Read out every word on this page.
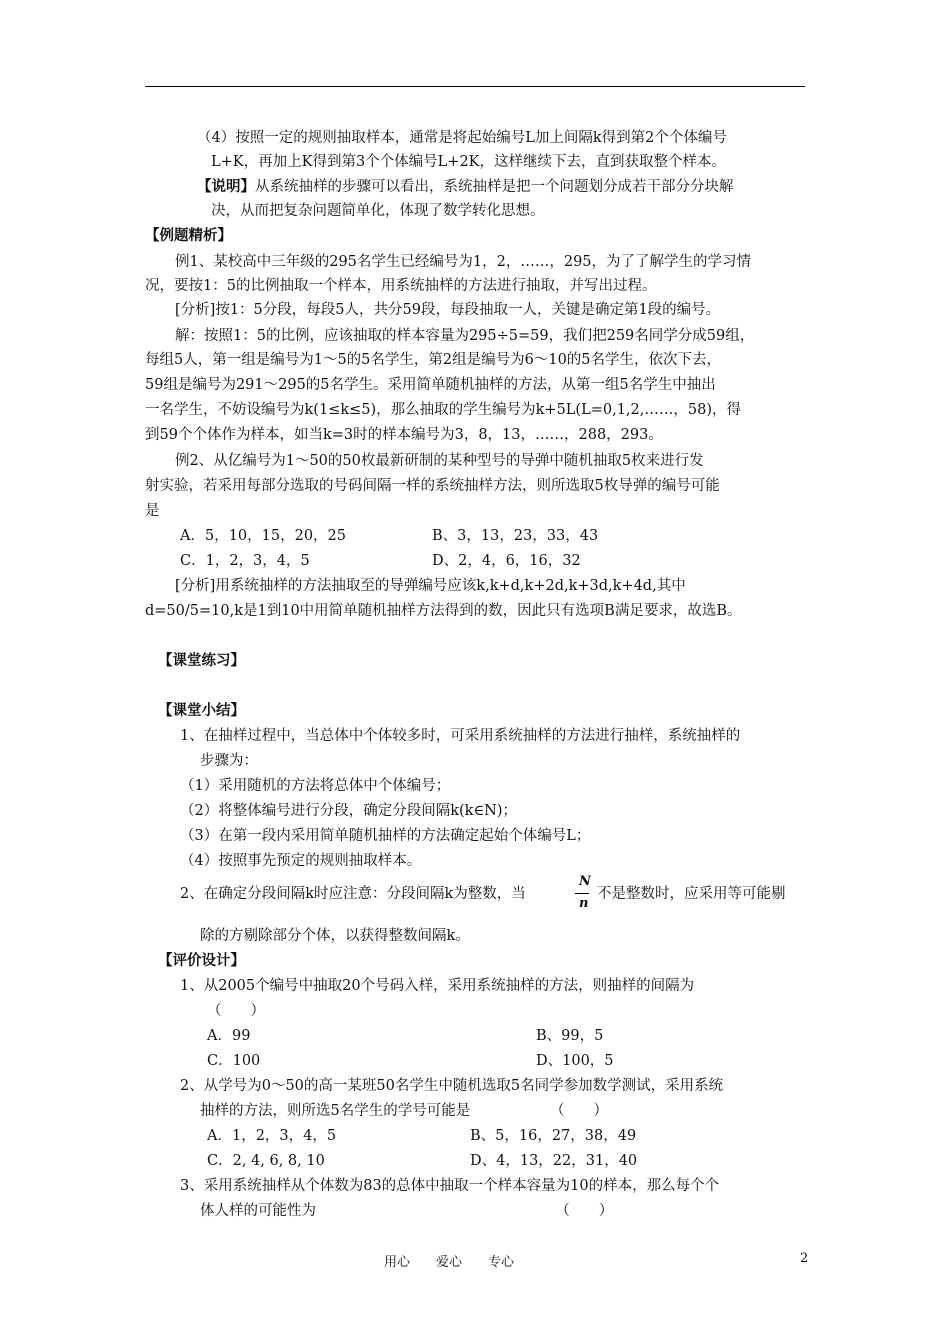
（4）按照一定的规则抽取样本，通常是将起始编号L加上间隔k得到第2个个体编号
L+K，再加上K得到第3个个体编号L+2K，这样继续下去，直到获取整个样本。
【说明】从系统抽样的步骤可以看出，系统抽样是把一个问题划分成若干部分分块解
决，从而把复杂问题简单化，体现了数学转化思想。
【例题精析】
例1、某校高中三年级的295名学生已经编号为1，2，……，295，为了了解学生的学习情
况，要按1：5的比例抽取一个样本，用系统抽样的方法进行抽取，并写出过程。
[分析]按1：5分段，每段5人，共分59段，每段抽取一人，关键是确定第1段的编号。
解：按照1：5的比例，应该抽取的样本容量为295÷5=59，我们把259名同学分成59组，
每组5人，第一组是编号为1～5的5名学生，第2组是编号为6～10的5名学生，依次下去，
59组是编号为291～295的5名学生。采用简单随机抽样的方法，从第一组5名学生中抽出
一名学生，不妨设编号为k(1≤k≤5)，那么抽取的学生编号为k+5L(L=0,1,2,……，58)，得
到59个个体作为样本，如当k=3时的样本编号为3，8，13，……，288，293。
例2、从亿编号为1～50的50枚最新研制的某种型号的导弹中随机抽取5枚来进行发
射实验，若采用每部分选取的号码间隔一样的系统抽样方法，则所选取5枚导弹的编号可能
是
A．5，10，15，20，25	B、3，13，23，33，43
C．1，2，3，4，5	D、2，4，6，16，32
[分析]用系统抽样的方法抽取至的导弹编号应该k,k+d,k+2d,k+3d,k+4d,其中
d=50/5=10,k是1到10中用简单随机抽样方法得到的数，因此只有选项B满足要求，故选B。
【课堂练习】
【课堂小结】
1、在抽样过程中，当总体中个体较多时，可采用系统抽样的方法进行抽样，系统抽样的
步骤为：
（1）采用随机的方法将总体中个体编号；
（2）将整体编号进行分段，确定分段间隔k(k∈N)；
（3）在第一段内采用简单随机抽样的方法确定起始个体编号L；
（4）按照事先预定的规则抽取样本。
2、在确定分段间隔k时应注意：分段间隔k为整数，当
N
n
不是整数时，应采用等可能剔
除的方剔除部分个体，以获得整数间隔k。
【评价设计】
1、从2005个编号中抽取20个号码入样，采用系统抽样的方法，则抽样的间隔为
（　　）
A．99	B、99，5
C．100	D、100，5
2、从学号为0～50的高一某班50名学生中随机选取5名同学参加数学测试，采用系统
抽样的方法，则所选5名学生的学号可能是　　　　　　（　　）
A．1，2，3，4，5	B、5，16，27，38，49
C．2, 4, 6, 8, 10	D、4，13，22，31，40
3、采用系统抽样从个体数为83的总体中抽取一个样本容量为10的样本，那么每个个
体人样的可能性为　　　　　　　　　　　　　　　　　（　　）
用心　　爱心　　专心	2
